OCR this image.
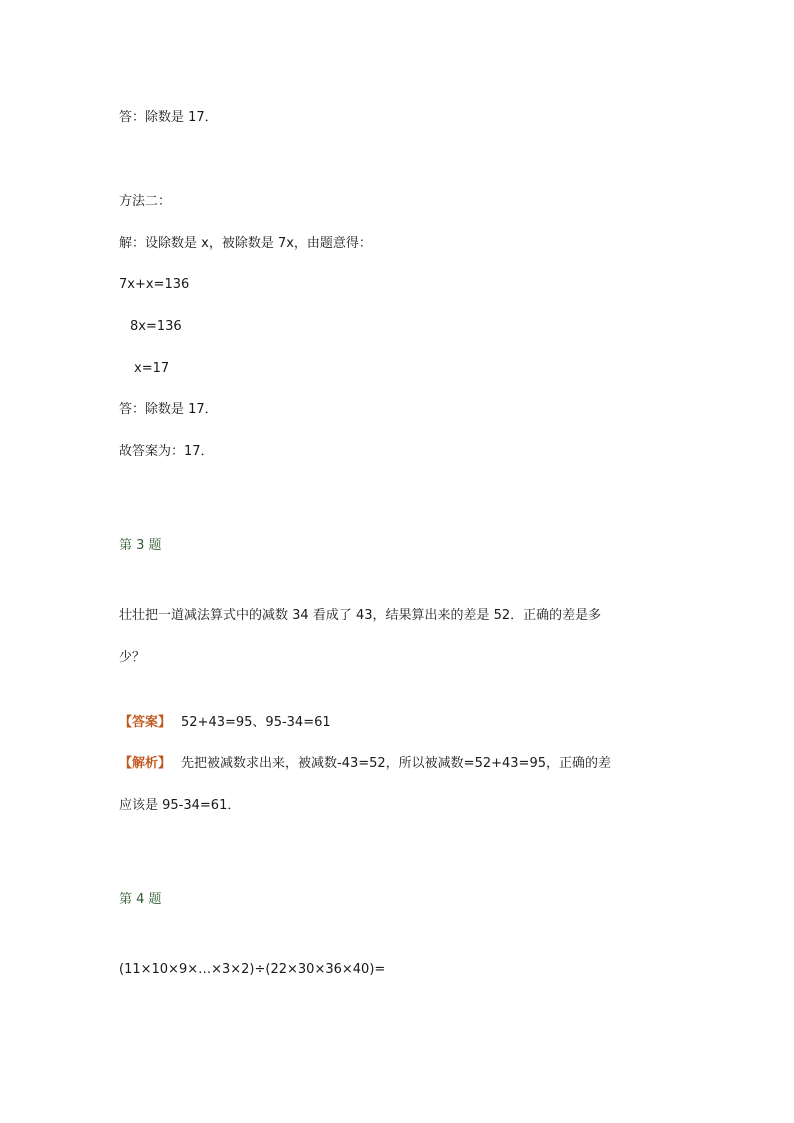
答：除数是 17．
方法二：
解：设除数是 x，被除数是 7x，由题意得：
7x+x=136
8x=136
x=17
答：除数是 17．
故答案为：17．
第 3 题
壮壮把一道减法算式中的减数 34 看成了 43，结果算出来的差是 52．正确的差是多
少？
【答案】 52+43=95、95-34=61
【解析】 先把被减数求出来，被减数-43=52，所以被减数=52+43=95，正确的差
应该是 95-34=61．
第 4 题
(11×10×9×…×3×2)÷(22×30×36×40)=
